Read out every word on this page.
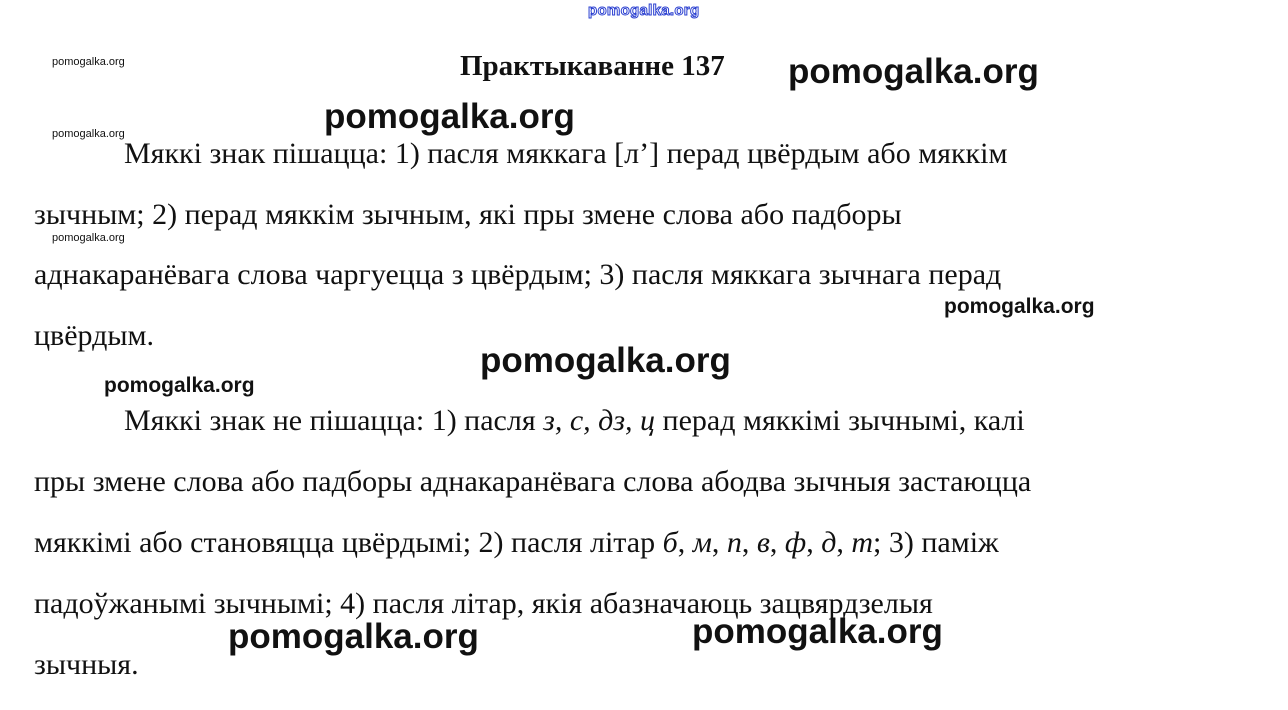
pomogalka.org
pomogalka.org
pomogalka.org
pomogalka.org
Практыкаванне 137
Мяккі знак пішацца: 1) пасля мяккага [л’] перад цвёрдым або мяккім
зычным; 2) перад мяккім зычным, які пры змене слова або падборы
аднакаранёвага слова чаргуецца з цвёрдым; 3) пасля мяккага зычнага перад
цвёрдым.
Мяккі знак не пішацца: 1) пасля з, с, дз, ц перад мяккімі зычнымі, калі
пры змене слова або падборы аднакаранёвага слова абодва зычныя застаюцца
мяккімі або становяцца цвёрдымі; 2) пасля літар б, м, п, в, ф, д, т; 3) паміж
падоўжанымі зычнымі; 4) пасля літар, якія абазначаюць зацвярдзелыя
зычныя.
pomogalka.org
pomogalka.org
pomogalka.org
pomogalka.org
pomogalka.org
pomogalka.org
pomogalka.org
